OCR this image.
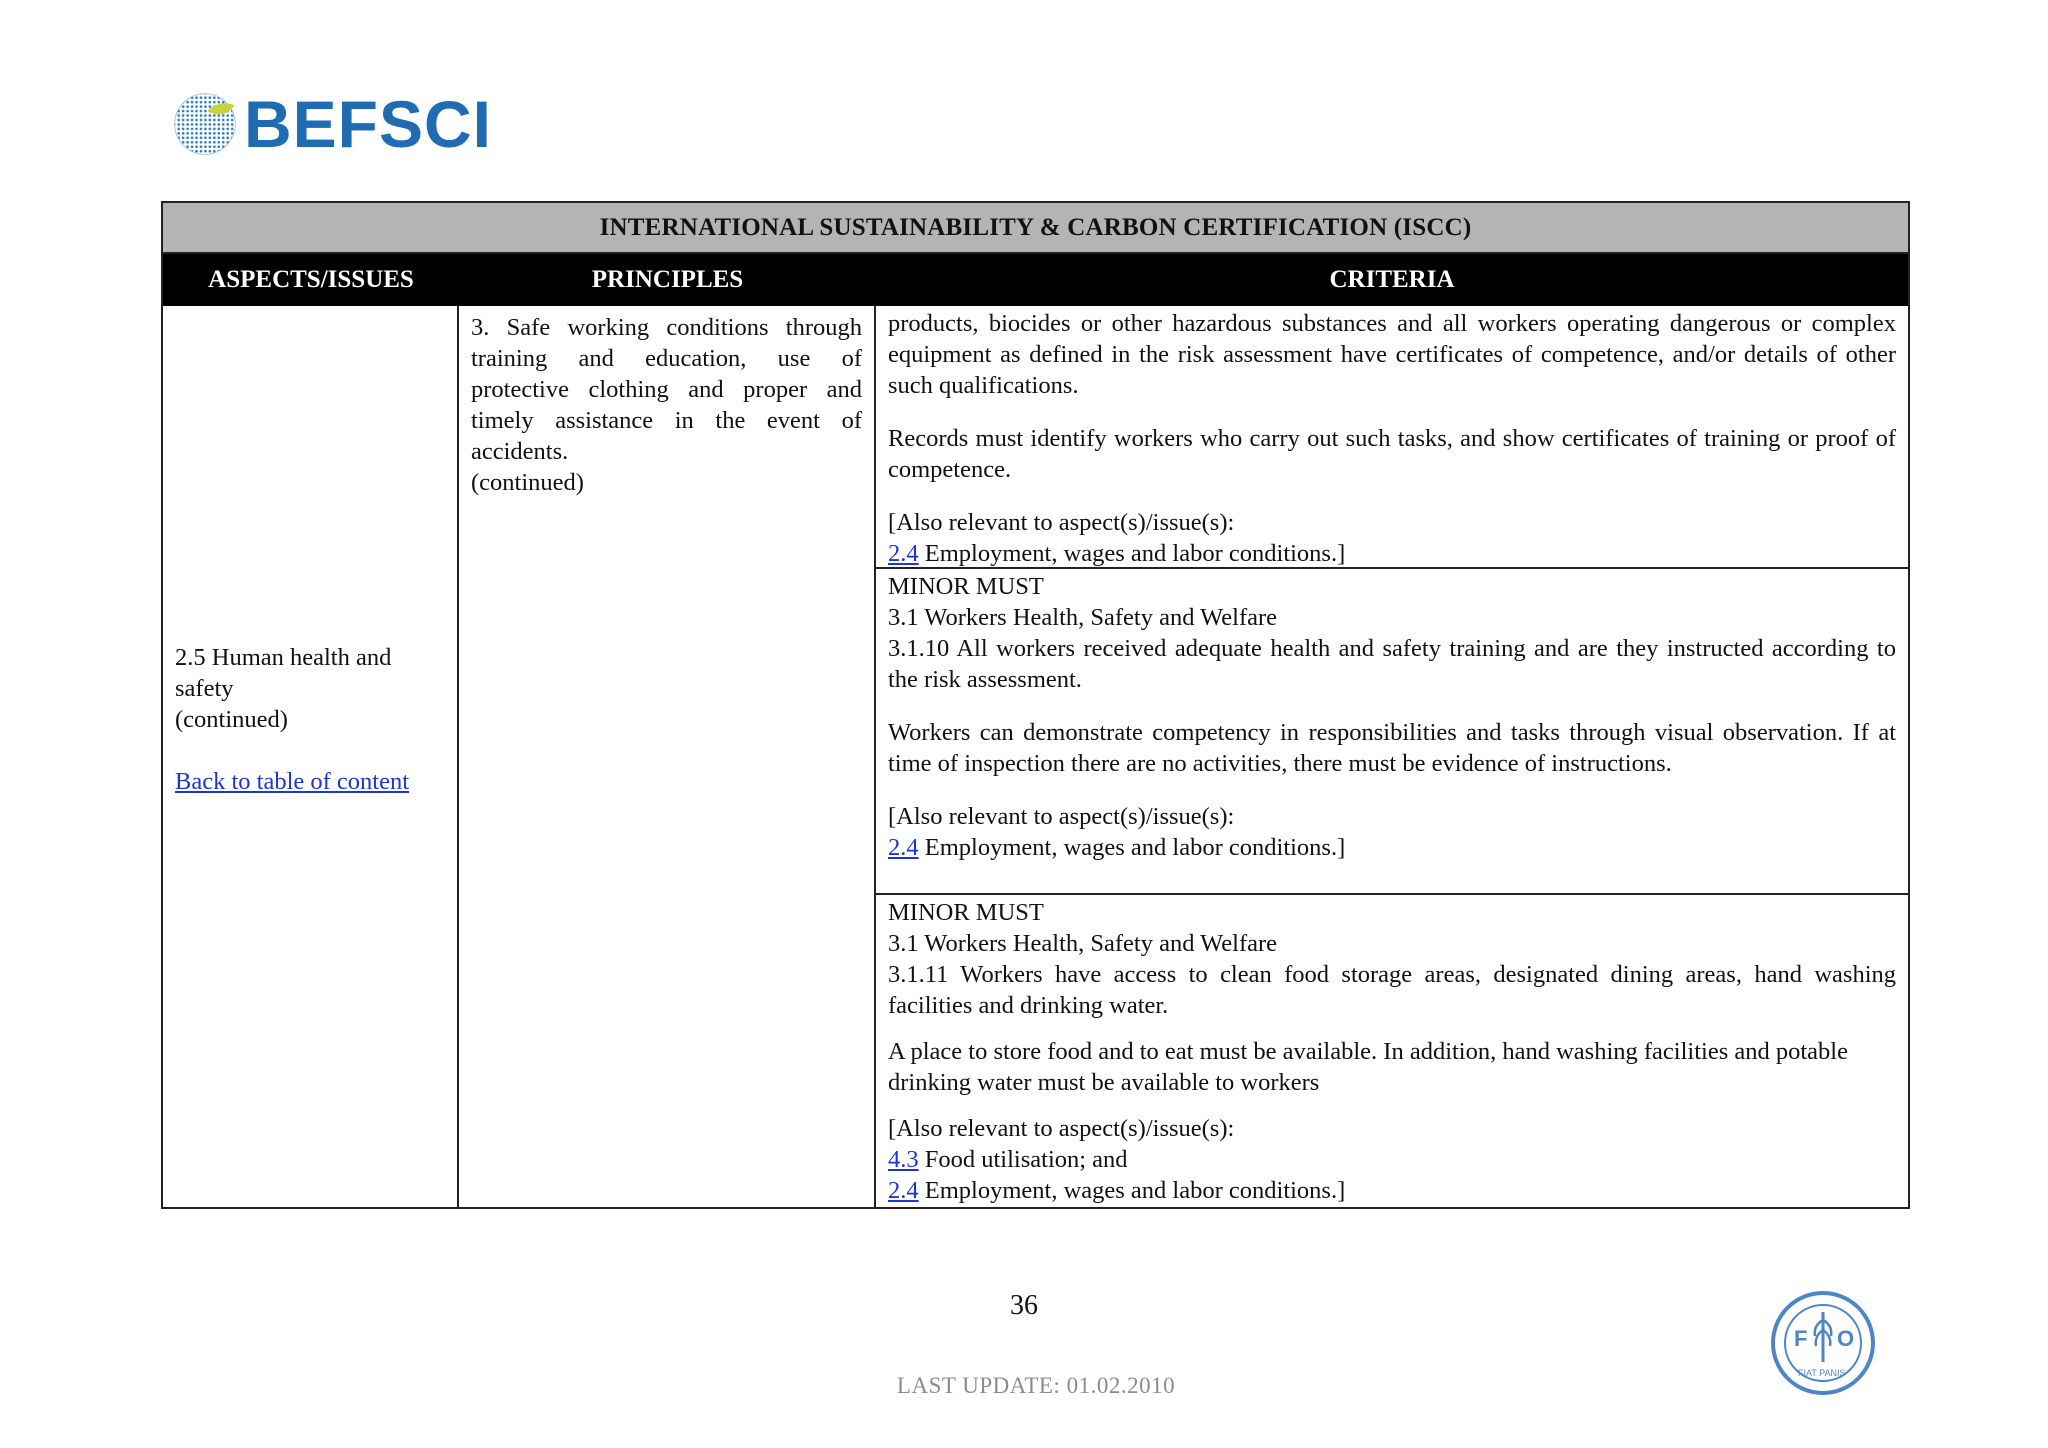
BEFSCI
INTERNATIONAL SUSTAINABILITY & CARBON CERTIFICATION (ISCC)
ASPECTS/ISSUES	PRINCIPLES	CRITERIA
2.5 Human health and
safety
(continued)
Back to table of content
3. Safe working conditions through training and education, use of protective clothing and proper and timely assistance in the event of accidents.
(continued)

products, biocides or other hazardous substances and all workers operating dangerous or complex equipment as defined in the risk assessment have certificates of competence, and/or details of other such qualifications.

Records must identify workers who carry out such tasks, and show certificates of training or proof of competence.

[Also relevant to aspect(s)/issue(s):
2.4 Employment, wages and labor conditions.]

MINOR MUST

3.1 Workers Health, Safety and Welfare

3.1.10 All workers received adequate health and safety training and are they instructed according to the risk assessment.

Workers can demonstrate competency in responsibilities and tasks through visual observation. If at time of inspection there are no activities, there must be evidence of instructions.

[Also relevant to aspect(s)/issue(s):
2.4 Employment, wages and labor conditions.]

MINOR MUST

3.1 Workers Health, Safety and Welfare

3.1.11 Workers have access to clean food storage areas, designated dining areas, hand washing facilities and drinking water.

A place to store food and to eat must be available. In addition, hand washing facilities and potable drinking water must be available to workers

[Also relevant to aspect(s)/issue(s):
4.3 Food utilisation; and
2.4 Employment, wages and labor conditions.]

36
LAST UPDATE: 01.02.2010
F O
FIAT PANIS
